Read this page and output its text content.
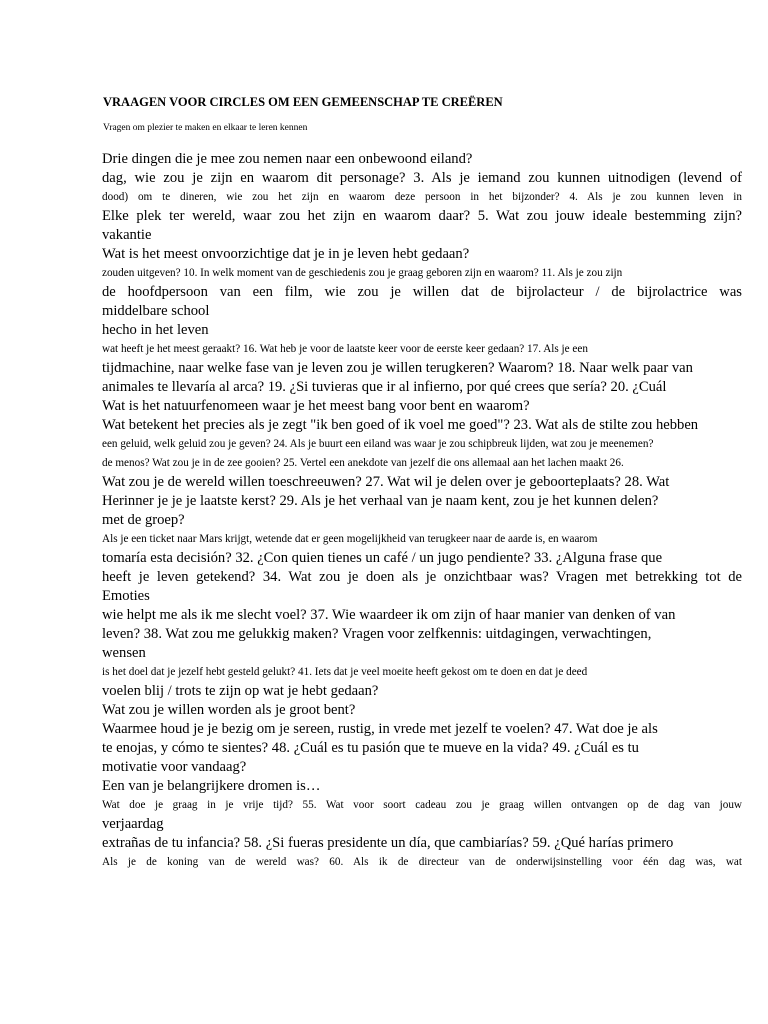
VRAAGEN VOOR CIRCLES OM EEN GEMEENSCHAP TE CREËREN

Vragen om plezier te maken en elkaar te leren kennen

Drie dingen die je mee zou nemen naar een onbewoond eiland?

dag, wie zou je zijn en waarom dit personage? 3. Als je iemand zou kunnen uitnodigen (levend of

dood) om te dineren, wie zou het zijn en waarom deze persoon in het bijzonder? 4. Als je zou kunnen leven in

Elke plek ter wereld, waar zou het zijn en waarom daar? 5. Wat zou jouw ideale bestemming zijn?

vakantie

Wat is het meest onvoorzichtige dat je in je leven hebt gedaan?

zouden uitgeven? 10. In welk moment van de geschiedenis zou je graag geboren zijn en waarom? 11. Als je zou zijn

de hoofdpersoon van een film, wie zou je willen dat de bijrolacteur / de bijrolactrice was

middelbare school

hecho in het leven

wat heeft je het meest geraakt? 16. Wat heb je voor de laatste keer voor de eerste keer gedaan? 17. Als je een

tijdmachine, naar welke fase van je leven zou je willen terugkeren? Waarom? 18. Naar welk paar van

animales te llevaría al arca? 19. ¿Si tuvieras que ir al infierno, por qué crees que sería? 20. ¿Cuál

Wat is het natuurfenomeen waar je het meest bang voor bent en waarom?

Wat betekent het precies als je zegt "ik ben goed of ik voel me goed"? 23. Wat als de stilte zou hebben

een geluid, welk geluid zou je geven? 24. Als je buurt een eiland was waar je zou schipbreuk lijden, wat zou je meenemen?

de menos? Wat zou je in de zee gooien? 25. Vertel een anekdote van jezelf die ons allemaal aan het lachen maakt 26.

Wat zou je de wereld willen toeschreeuwen? 27. Wat wil je delen over je geboorteplaats? 28. Wat

Herinner je je je laatste kerst? 29. Als je het verhaal van je naam kent, zou je het kunnen delen?

met de groep?

Als je een ticket naar Mars krijgt, wetende dat er geen mogelijkheid van terugkeer naar de aarde is, en waarom

tomaría esta decisión? 32. ¿Con quien tienes un café / un jugo pendiente? 33. ¿Alguna frase que

heeft je leven getekend? 34. Wat zou je doen als je onzichtbaar was? Vragen met betrekking tot de

Emoties

wie helpt me als ik me slecht voel? 37. Wie waardeer ik om zijn of haar manier van denken of van

leven? 38. Wat zou me gelukkig maken? Vragen voor zelfkennis: uitdagingen, verwachtingen,

wensen

is het doel dat je jezelf hebt gesteld gelukt? 41. Iets dat je veel moeite heeft gekost om te doen en dat je deed

voelen blij / trots te zijn op wat je hebt gedaan?

Wat zou je willen worden als je groot bent?

Waarmee houd je je bezig om je sereen, rustig, in vrede met jezelf te voelen? 47. Wat doe je als

te enojas, y cómo te sientes? 48. ¿Cuál es tu pasión que te mueve en la vida? 49. ¿Cuál es tu

motivatie voor vandaag?

Een van je belangrijkere dromen is…

Wat doe je graag in je vrije tijd? 55. Wat voor soort cadeau zou je graag willen ontvangen op de dag van jouw

verjaardag

extrañas de tu infancia? 58. ¿Si fueras presidente un día, que cambiarías? 59. ¿Qué harías primero

Als je de koning van de wereld was? 60. Als ik de directeur van de onderwijsinstelling voor één dag was, wat
